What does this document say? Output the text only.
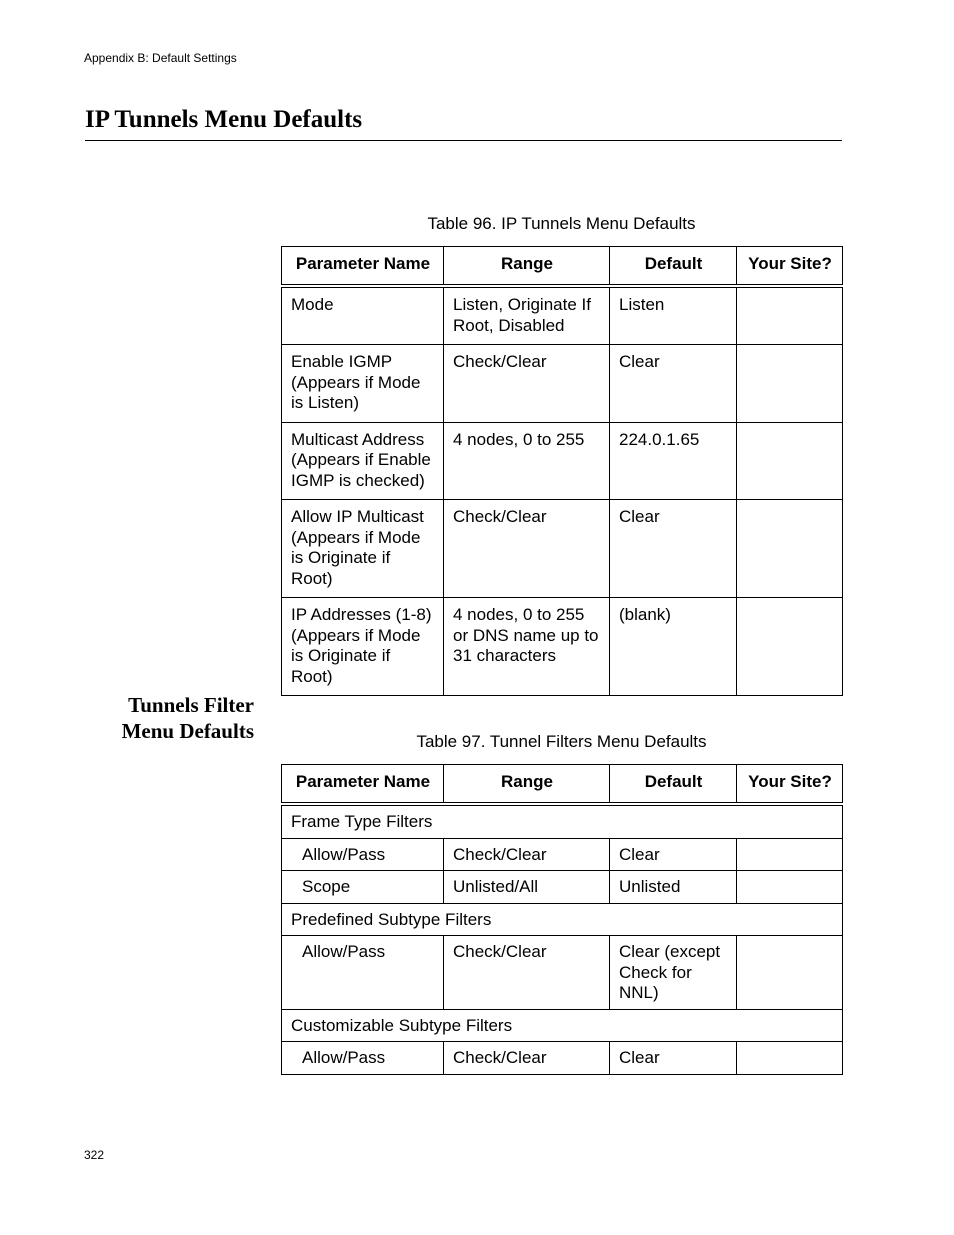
Appendix B: Default Settings
IP Tunnels Menu Defaults
Table 96. IP Tunnels Menu Defaults
Parameter Name	Range	Default	Your Site?
Mode	Listen, Originate If Root, Disabled	Listen	
Enable IGMP (Appears if Mode is Listen)	Check/Clear	Clear	
Multicast Address (Appears if Enable IGMP is checked)	4 nodes, 0 to 255	224.0.1.65	
Allow IP Multicast (Appears if Mode is Originate if Root)	Check/Clear	Clear	
IP Addresses (1-8) (Appears if Mode is Originate if Root)	4 nodes, 0 to 255 or DNS name up to 31 characters	(blank)	
Tunnels Filter
Menu Defaults	Table 97. Tunnel Filters Menu Defaults
Parameter Name	Range	Default	Your Site?
Frame Type Filters			
Allow/Pass	Check/Clear	Clear	
Scope	Unlisted/All	Unlisted	
Predefined Subtype Filters			
Allow/Pass	Check/Clear	Clear (except Check for NNL)	
Customizable Subtype Filters			
Allow/Pass	Check/Clear	Clear	
322
